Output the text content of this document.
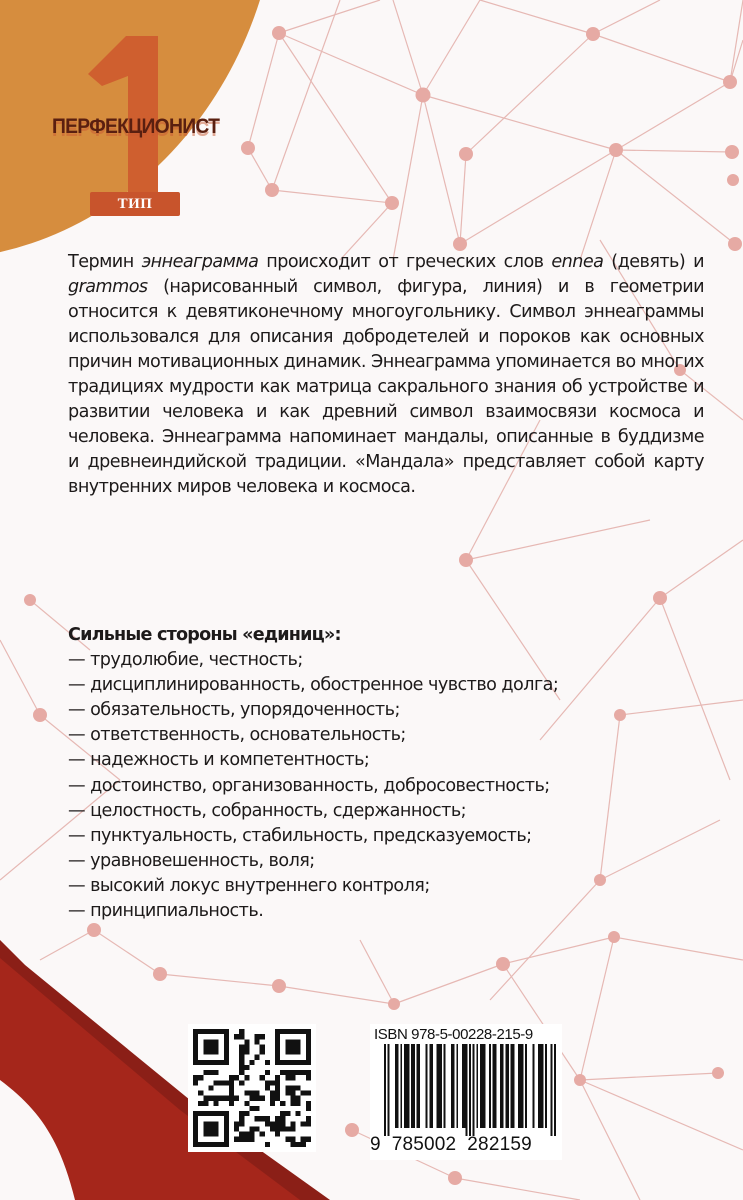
ПЕРФЕКЦИОНИСТ
ТИП

Термин эннеаграмма происходит от греческих слов ennea (девять) и grammos (нарисованный символ, фигура, линия) и в геометрии относится к девятиконечному многоугольнику. Символ эннеаграммы использовался для описания добродетелей и пороков как основных причин мотивационных динамик. Эннеаграмма упоминается во многих традициях мудрости как матрица сакрального знания об устройстве и развитии человека и как древний символ взаимосвязи космоса и человека. Эннеаграмма напоминает мандалы, описанные в буддизме и древнеиндийской традиции. «Мандала» представляет собой карту внутренних миров человека и космоса.

Сильные стороны «единиц»:
— трудолюбие, честность;
— дисциплинированность, обостренное чувство долга;
— обязательность, упорядоченность;
— ответственность, основательность;
— надежность и компетентность;
— достоинство, организованность, добросовестность;
— целостность, собранность, сдержанность;
— пунктуальность, стабильность, предсказуемость;
— уравновешенность, воля;
— высокий локус внутреннего контроля;
— принципиальность.
ISBN 978-5-00228-215-9
9  785002  282159
